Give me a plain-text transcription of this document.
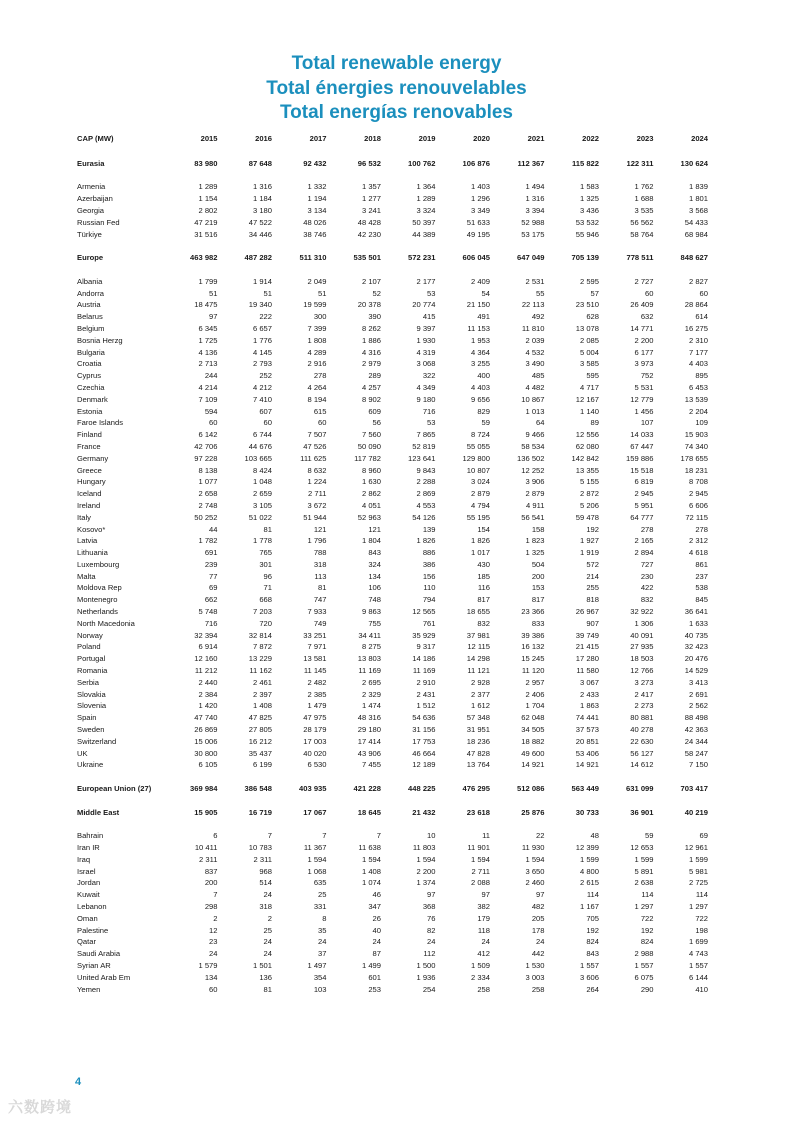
Total renewable energy
Total énergies renouvelables
Total energías renovables
CAP (MW)	2015	2016	2017	2018	2019	2020	2021	2022	2023	2024

Eurasia	83 980	87 648	92 432	96 532	100 762	106 876	112 367	115 822	122 311	130 624

Armenia	1 289	1 316	1 332	1 357	1 364	1 403	1 494	1 583	1 762	1 839
Azerbaijan	1 154	1 184	1 194	1 277	1 289	1 296	1 316	1 325	1 688	1 801
Georgia	2 802	3 180	3 134	3 241	3 324	3 349	3 394	3 436	3 535	3 568
Russian Fed	47 219	47 522	48 026	48 428	50 397	51 633	52 988	53 532	56 562	54 433
Türkiye	31 516	34 446	38 746	42 230	44 389	49 195	53 175	55 946	58 764	68 984

Europe	463 982	487 282	511 310	535 501	572 231	606 045	647 049	705 139	778 511	848 627

Albania	1 799	1 914	2 049	2 107	2 177	2 409	2 531	2 595	2 727	2 827
Andorra	51	51	51	52	53	54	55	57	60	60
Austria	18 475	19 340	19 599	20 378	20 774	21 150	22 113	23 510	26 409	28 864
Belarus	97	222	300	390	415	491	492	628	632	614
Belgium	6 345	6 657	7 399	8 262	9 397	11 153	11 810	13 078	14 771	16 275
Bosnia Herzg	1 725	1 776	1 808	1 886	1 930	1 953	2 039	2 085	2 200	2 310
Bulgaria	4 136	4 145	4 289	4 316	4 319	4 364	4 532	5 004	6 177	7 177
Croatia	2 713	2 793	2 916	2 979	3 068	3 255	3 490	3 585	3 973	4 403
Cyprus	244	252	278	289	322	400	485	595	752	895
Czechia	4 214	4 212	4 264	4 257	4 349	4 403	4 482	4 717	5 531	6 453
Denmark	7 109	7 410	8 194	8 902	9 180	9 656	10 867	12 167	12 779	13 539
Estonia	594	607	615	609	716	829	1 013	1 140	1 456	2 204
Faroe Islands	60	60	60	56	53	59	64	89	107	109
Finland	6 142	6 744	7 507	7 560	7 865	8 724	9 466	12 556	14 033	15 903
France	42 706	44 676	47 526	50 090	52 819	55 055	58 534	62 080	67 447	74 340
Germany	97 228	103 665	111 625	117 782	123 641	129 800	136 502	142 842	159 886	178 655
Greece	8 138	8 424	8 632	8 960	9 843	10 807	12 252	13 355	15 518	18 231
Hungary	1 077	1 048	1 224	1 630	2 288	3 024	3 906	5 155	6 819	8 708
Iceland	2 658	2 659	2 711	2 862	2 869	2 879	2 879	2 872	2 945	2 945
Ireland	2 748	3 105	3 672	4 051	4 553	4 794	4 911	5 206	5 951	6 606
Italy	50 252	51 022	51 944	52 963	54 126	55 195	56 541	59 478	64 777	72 115
Kosovo*	44	81	121	121	139	154	158	192	278	278
Latvia	1 782	1 778	1 796	1 804	1 826	1 826	1 823	1 927	2 165	2 312
Lithuania	691	765	788	843	886	1 017	1 325	1 919	2 894	4 618
Luxembourg	239	301	318	324	386	430	504	572	727	861
Malta	77	96	113	134	156	185	200	214	230	237
Moldova Rep	69	71	81	106	110	116	153	255	422	538
Montenegro	662	668	747	748	794	817	817	818	832	845
Netherlands	5 748	7 203	7 933	9 863	12 565	18 655	23 366	26 967	32 922	36 641
North Macedonia	716	720	749	755	761	832	833	907	1 306	1 633
Norway	32 394	32 814	33 251	34 411	35 929	37 981	39 386	39 749	40 091	40 735
Poland	6 914	7 872	7 971	8 275	9 317	12 115	16 132	21 415	27 935	32 423
Portugal	12 160	13 229	13 581	13 803	14 186	14 298	15 245	17 280	18 503	20 476
Romania	11 212	11 162	11 145	11 169	11 169	11 121	11 120	11 580	12 766	14 529
Serbia	2 440	2 461	2 482	2 695	2 910	2 928	2 957	3 067	3 273	3 413
Slovakia	2 384	2 397	2 385	2 329	2 431	2 377	2 406	2 433	2 417	2 691
Slovenia	1 420	1 408	1 479	1 474	1 512	1 612	1 704	1 863	2 273	2 562
Spain	47 740	47 825	47 975	48 316	54 636	57 348	62 048	74 441	80 881	88 498
Sweden	26 869	27 805	28 179	29 180	31 156	31 951	34 505	37 573	40 278	42 363
Switzerland	15 006	16 212	17 003	17 414	17 753	18 236	18 882	20 851	22 630	24 344
UK	30 800	35 437	40 020	43 906	46 664	47 828	49 600	53 406	56 127	58 247
Ukraine	6 105	6 199	6 530	7 455	12 189	13 764	14 921	14 921	14 612	7 150

European Union (27)	369 984	386 548	403 935	421 228	448 225	476 295	512 086	563 449	631 099	703 417

Middle East	15 905	16 719	17 067	18 645	21 432	23 618	25 876	30 733	36 901	40 219

Bahrain	6	7	7	7	10	11	22	48	59	69
Iran IR	10 411	10 783	11 367	11 638	11 803	11 901	11 930	12 399	12 653	12 961
Iraq	2 311	2 311	1 594	1 594	1 594	1 594	1 594	1 599	1 599	1 599
Israel	837	968	1 068	1 408	2 200	2 711	3 650	4 800	5 891	5 981
Jordan	200	514	635	1 074	1 374	2 088	2 460	2 615	2 638	2 725
Kuwait	7	24	25	46	97	97	97	114	114	114
Lebanon	298	318	331	347	368	382	482	1 167	1 297	1 297
Oman	2	2	8	26	76	179	205	705	722	722
Palestine	12	25	35	40	82	118	178	192	192	198
Qatar	23	24	24	24	24	24	24	824	824	1 699
Saudi Arabia	24	24	37	87	112	412	442	843	2 988	4 743
Syrian AR	1 579	1 501	1 497	1 499	1 500	1 509	1 530	1 557	1 557	1 557
United Arab Em	134	136	354	601	1 936	2 334	3 003	3 606	6 075	6 144
Yemen	60	81	103	253	254	258	258	264	290	410
4
六数跨境
